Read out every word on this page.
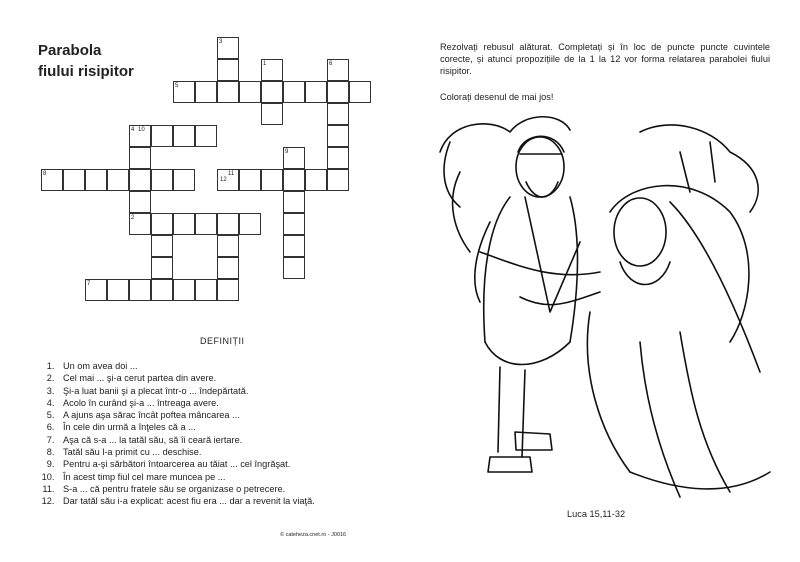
Parabola
fiului risipitor	1
2
3
4
5
6
7
8
9
10
11
12
DEFINIȚII
1. Un om avea doi ...
2. Cel mai ... şi-a cerut partea din avere.
3. Şi-a luat banii şi a plecat într-o ... îndepărtată.
4. Acolo în curând şi-a ... întreaga avere.
5. A ajuns aşa sărac încât poftea mâncarea ...
6. În cele din urmă a înţeles că a ...
7. Aşa că s-a ... la tatăl său, să îi ceară iertare.
8. Tatăl său l-a primit cu ... deschise.
9. Pentru a-şi sărbători întoarcerea au tăiat ... cel îngrăşat.
10. În acest timp fiul cel mare muncea pe ...
11. S-a ... că pentru fratele său se organizase o petrecere.
12. Dar tatăl său i-a explicat: acest fiu era ... dar a revenit la viaţă.
© cateheza.cnet.ro - J0016
Rezolvați rebusul alăturat. Completați și în loc de puncte puncte cuvintele corecte, și atunci propozițiile de la 1 la 12 vor forma relatarea parabolei fiului risipitor.
Colorați desenul de mai jos!
Luca 15,11-32
